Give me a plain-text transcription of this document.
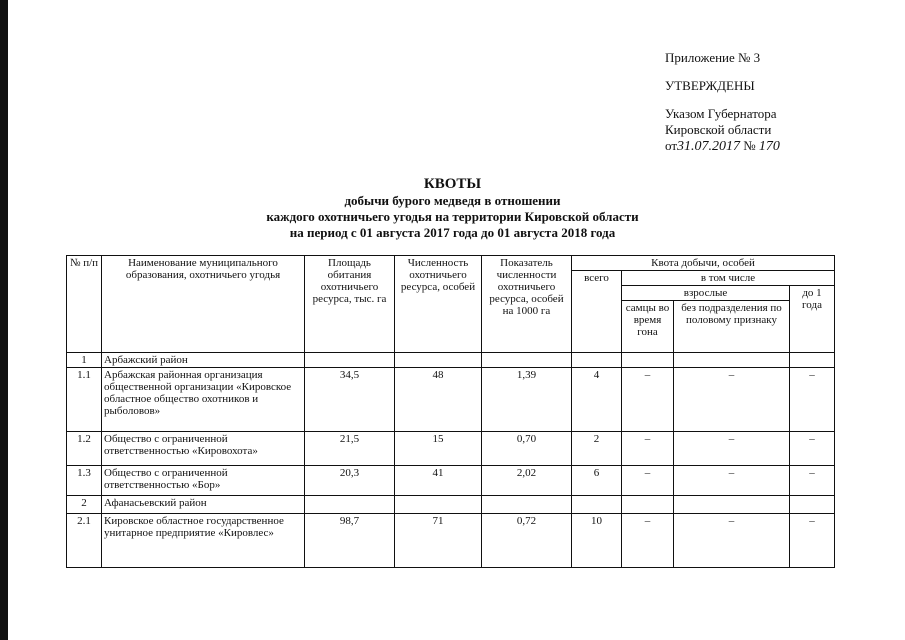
Приложение № 3
УТВЕРЖДЕНЫ
Указом Губернатора
Кировской области
от31.07.2017 № 170
КВОТЫ
добычи бурого медведя в отношении
каждого охотничьего угодья на территории Кировской области
на период с 01 августа 2017 года до 01 августа 2018 года
№ п/п	Наименование муниципального образования, охотничьего угодья	Площадь обитания охотничьего ресурса, тыс. га	Численность охотничьего ресурса, особей	Показатель численности охотничьего ресурса, особей на 1000 га	Квота добычи, особей			
					всего	в том числе		
						взрослые		до 1 года
						самцы во время гона	без подразделения по половому признаку	
1	Арбажский район							
1.1	Арбажская районная организация общественной организации «Кировское областное общество охотников и рыболовов»	34,5	48	1,39	4	–	–	–
1.2	Общество с ограниченной ответственностью «Кировохота»	21,5	15	0,70	2	–	–	–
1.3	Общество с ограниченной ответственностью «Бор»	20,3	41	2,02	6	–	–	–
2	Афанасьевский район							
2.1	Кировское областное государственное унитарное предприятие «Кировлес»	98,7	71	0,72	10	–	–	–
